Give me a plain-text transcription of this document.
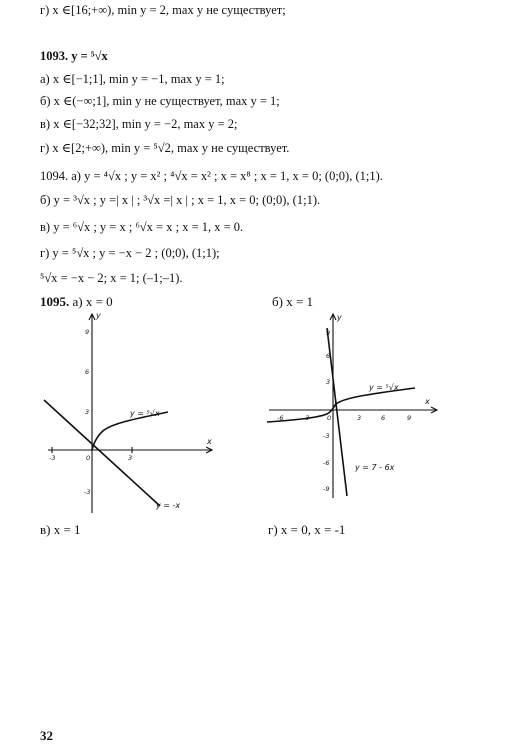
г) x ∈[16;+∞), min y = 2, max y не существует;
1093. y = ⁵√x
а) x ∈[−1;1], min y = −1, max y = 1;
б) x ∈(−∞;1], min y не существует, max y = 1;
в) x ∈[−32;32], min y = −2, max y = 2;
г) x ∈[2;+∞), min y = ⁵√2, max y не существует.
1094. а) y = ⁴√x ; y = x² ; ⁴√x = x² ; x = x⁸ ; x = 1, x = 0; (0;0), (1;1).
б) y = ³√x ; y =| x | ; ³√x =| x | ; x = 1, x = 0; (0;0), (1;1).
в) y = ⁶√x ; y = x ; ⁶√x = x ; x = 1, x = 0.
г) y = ⁵√x ; y = −x − 2 ; (0;0), (1;1);
⁵√x = −x − 2; x = 1; (–1;–1).
1095. а) x = 0	б) x = 1
в) x = 1	г) x = 0, x = -1
x
y
9
6
3
-3
-3	0	3
y = ⁵√x
y = -x
x
y
9
6
3
-3
-6
-9
-6	-3	0	3	6	9
y = ⁵√x
y = 7 - 6x
32
